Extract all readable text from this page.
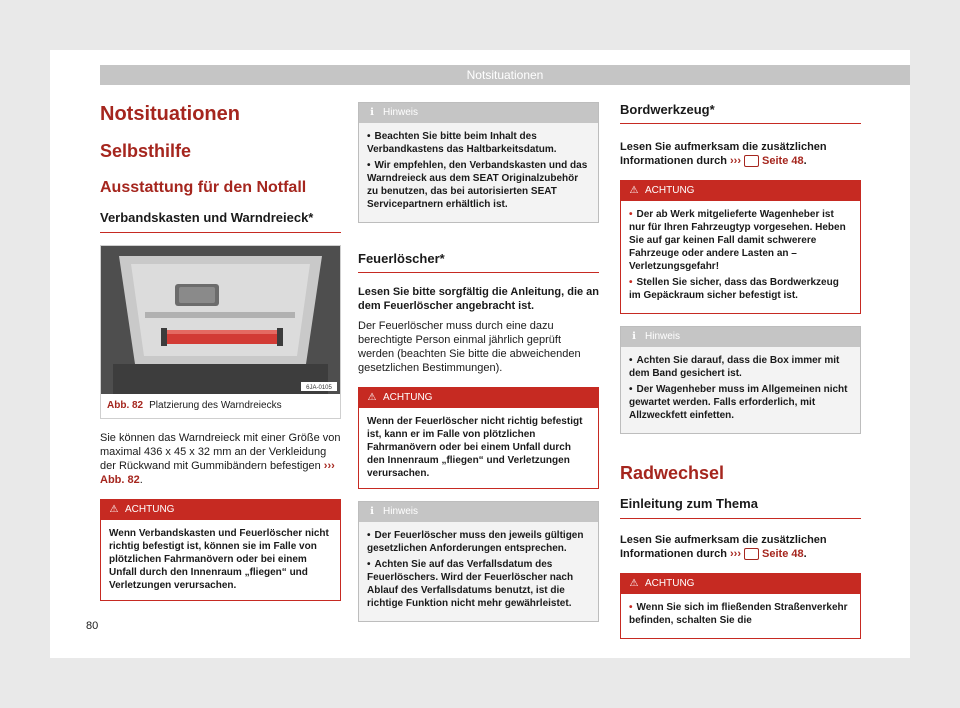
Notsituationen
Notsituationen
Selbsthilfe
Ausstattung für den Notfall
Verbandskasten und Warndreieck*
6JA-0105
Abb. 82 Platzierung des Warndreiecks
Sie können das Warndreieck mit einer Größe von maximal 436 x 45 x 32 mm an der Verkleidung der Rückwand mit Gummibändern befestigen ››› Abb. 82.
⚠ ACHTUNG
Wenn Verbandskasten und Feuerlöscher nicht richtig befestigt ist, können sie im Falle von plötzlichen Fahrmanövern oder bei einem Unfall durch den Innenraum „fliegen“ und Verletzungen verursachen.
ℹ Hinweis
• Beachten Sie bitte beim Inhalt des Verbandkastens das Haltbarkeitsdatum.
• Wir empfehlen, den Verbandskasten und das Warndreieck aus dem SEAT Originalzubehör zu benutzen, das bei autorisierten SEAT Servicepartnern erhältlich ist.
Feuerlöscher*
Lesen Sie bitte sorgfältig die Anleitung, die an dem Feuerlöscher angebracht ist.
Der Feuerlöscher muss durch eine dazu berechtigte Person einmal jährlich geprüft werden (beachten Sie bitte die abweichenden gesetzlichen Bestimmungen).
⚠ ACHTUNG
Wenn der Feuerlöscher nicht richtig befestigt ist, kann er im Falle von plötzlichen Fahrmanövern oder bei einem Unfall durch den Innenraum „fliegen“ und Verletzungen verursachen.
ℹ Hinweis
• Der Feuerlöscher muss den jeweils gültigen gesetzlichen Anforderungen entsprechen.
• Achten Sie auf das Verfallsdatum des Feuerlöschers. Wird der Feuerlöscher nach Ablauf des Verfallsdatums benutzt, ist die richtige Funktion nicht mehr gewährleistet.
Bordwerkzeug*
Lesen Sie aufmerksam die zusätzlichen Informationen durch ››› Seite 48.
⚠ ACHTUNG
• Der ab Werk mitgelieferte Wagenheber ist nur für Ihren Fahrzeugtyp vorgesehen. Heben Sie auf gar keinen Fall damit schwerere Fahrzeuge oder andere Lasten an – Verletzungsgefahr!
• Stellen Sie sicher, dass das Bordwerkzeug im Gepäckraum sicher befestigt ist.
ℹ Hinweis
• Achten Sie darauf, dass die Box immer mit dem Band gesichert ist.
• Der Wagenheber muss im Allgemeinen nicht gewartet werden. Falls erforderlich, mit Allzweckfett einfetten.
Radwechsel
Einleitung zum Thema
Lesen Sie aufmerksam die zusätzlichen Informationen durch ››› Seite 48.
⚠ ACHTUNG
• Wenn Sie sich im fließenden Straßenverkehr befinden, schalten Sie die
80
